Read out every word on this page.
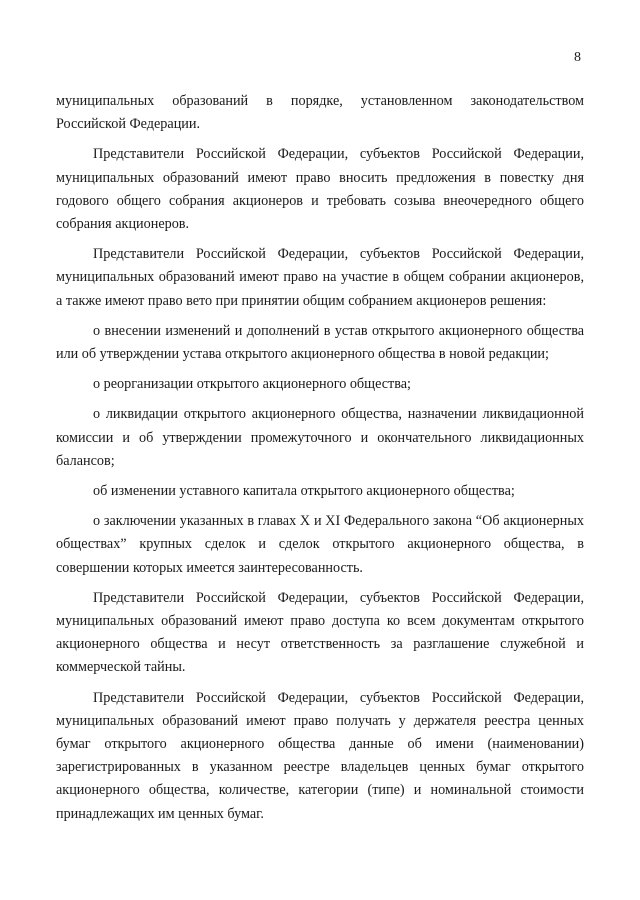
8

муниципальных образований в порядке, установленном законодательством Российской Федерации.

Представители Российской Федерации, субъектов Российской Федерации, муниципальных образований имеют право вносить предложения в повестку дня годового общего собрания акционеров и требовать созыва внеочередного общего собрания акционеров.

Представители Российской Федерации, субъектов Российской Федерации, муниципальных образований имеют право на участие в общем собрании акционеров, а также имеют право вето при принятии общим собранием акционеров решения:

о внесении изменений и дополнений в устав открытого акционерного общества или об утверждении устава открытого акционерного общества в новой редакции;

о реорганизации открытого акционерного общества;

о ликвидации открытого акционерного общества, назначении ликвидационной комиссии и об утверждении промежуточного и окончательного ликвидационных балансов;

об изменении уставного капитала открытого акционерного общества;

о заключении указанных в главах X и XI Федерального закона “Об акционерных обществах” крупных сделок и сделок открытого акционерного общества, в совершении которых имеется заинтересованность.

Представители Российской Федерации, субъектов Российской Федерации, муниципальных образований имеют право доступа ко всем документам открытого акционерного общества и несут ответственность за разглашение служебной и коммерческой тайны.

Представители Российской Федерации, субъектов Российской Федерации, муниципальных образований имеют право получать у держателя реестра ценных бумаг открытого акционерного общества данные об имени (наименовании) зарегистрированных в указанном реестре владельцев ценных бумаг открытого акционерного общества, количестве, категории (типе) и номинальной стоимости принадлежащих им ценных бумаг.
